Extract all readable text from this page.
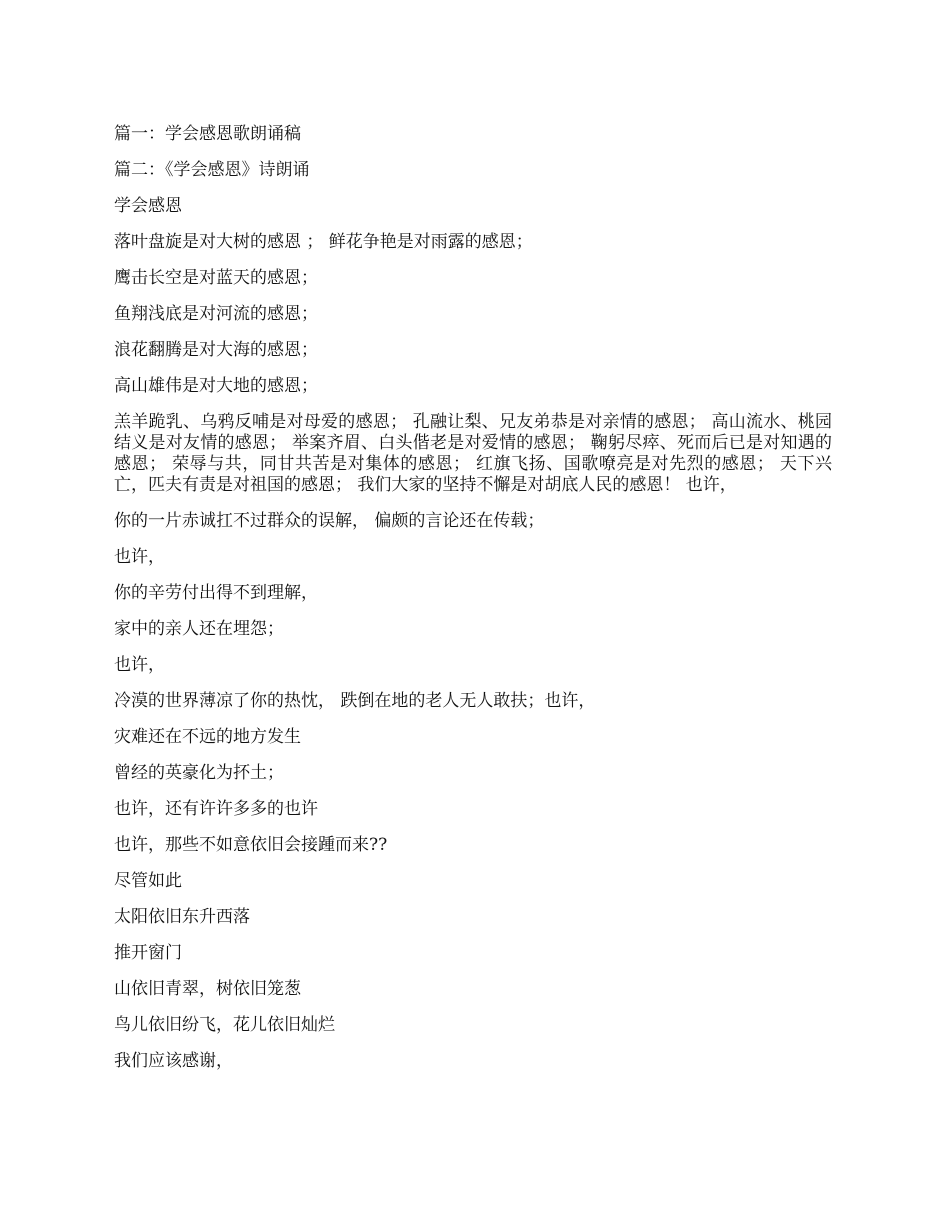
篇一：学会感恩歌朗诵稿

篇二：《学会感恩》诗朗诵

学会感恩

落叶盘旋是对大树的感恩 ； 鲜花争艳是对雨露的感恩；

鹰击长空是对蓝天的感恩；

鱼翔浅底是对河流的感恩；

浪花翻腾是对大海的感恩；

高山雄伟是对大地的感恩；

羔羊跪乳、乌鸦反哺是对母爱的感恩； 孔融让梨、兄友弟恭是对亲情的感恩； 高山流水、桃园结义是对友情的感恩； 举案齐眉、白头偕老是对爱情的感恩； 鞠躬尽瘁、死而后已是对知遇的感恩； 荣辱与共，同甘共苦是对集体的感恩； 红旗飞扬、国歌嘹亮是对先烈的感恩； 天下兴亡，匹夫有责是对祖国的感恩； 我们大家的坚持不懈是对胡底人民的感恩！ 也许，

你的一片赤诚扛不过群众的误解， 偏颇的言论还在传载；

也许，

你的辛劳付出得不到理解，

家中的亲人还在埋怨；

也许，

冷漠的世界薄凉了你的热忱， 跌倒在地的老人无人敢扶；也许，

灾难还在不远的地方发生

曾经的英豪化为抔土；

也许，还有许许多多的也许

也许，那些不如意依旧会接踵而来??

尽管如此

太阳依旧东升西落

推开窗门

山依旧青翠，树依旧笼葱

鸟儿依旧纷飞，花儿依旧灿烂

我们应该感谢，
